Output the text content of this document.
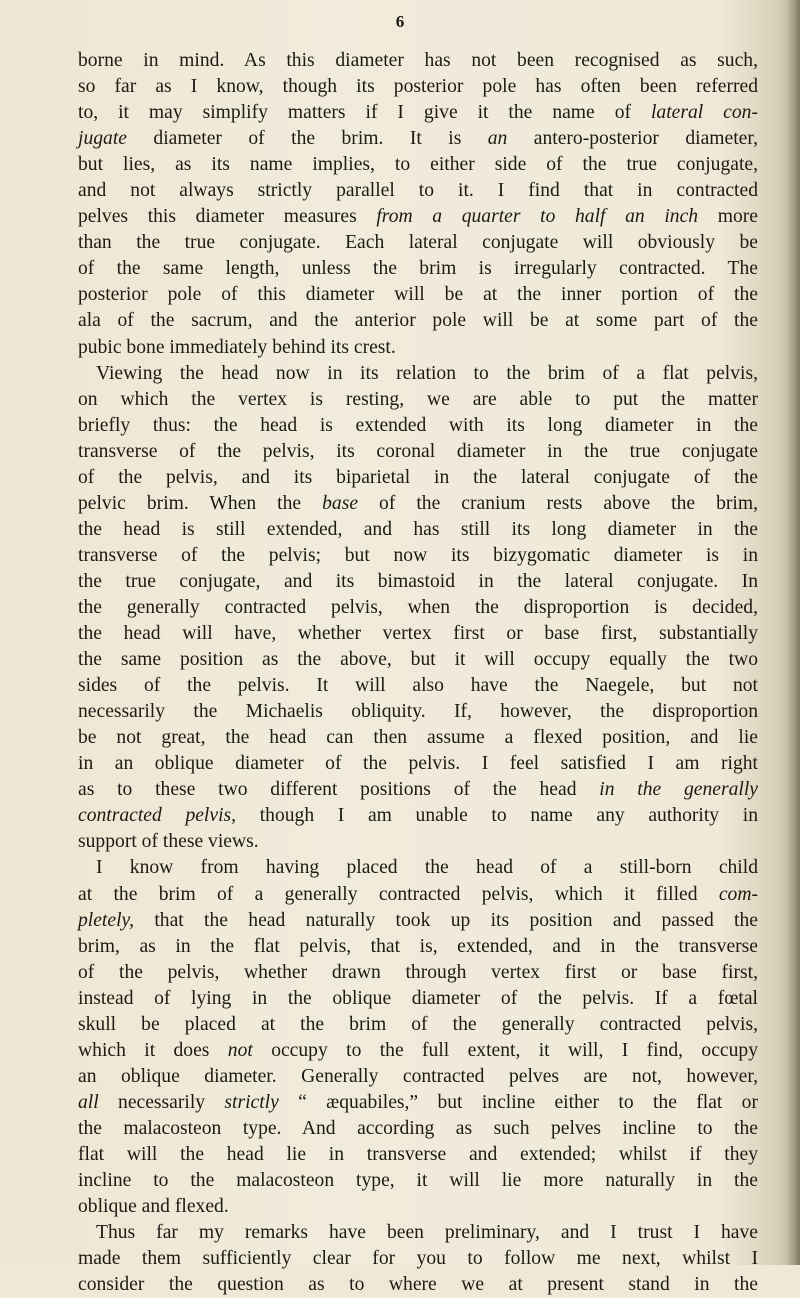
6
borne in mind. As this diameter has not been recognised as such,
so far as I know, though its posterior pole has often been referred
to, it may simplify matters if I give it the name of lateral con-
jugate diameter of the brim. It is an antero-posterior diameter,
but lies, as its name implies, to either side of the true conjugate,
and not always strictly parallel to it. I find that in contracted
pelves this diameter measures from a quarter to half an inch more
than the true conjugate. Each lateral conjugate will obviously be
of the same length, unless the brim is irregularly contracted. The
posterior pole of this diameter will be at the inner portion of the
ala of the sacrum, and the anterior pole will be at some part of the
pubic bone immediately behind its crest.
Viewing the head now in its relation to the brim of a flat pelvis,
on which the vertex is resting, we are able to put the matter
briefly thus: the head is extended with its long diameter in the
transverse of the pelvis, its coronal diameter in the true conjugate
of the pelvis, and its biparietal in the lateral conjugate of the
pelvic brim. When the base of the cranium rests above the brim,
the head is still extended, and has still its long diameter in the
transverse of the pelvis; but now its bizygomatic diameter is in
the true conjugate, and its bimastoid in the lateral conjugate. In
the generally contracted pelvis, when the disproportion is decided,
the head will have, whether vertex first or base first, substantially
the same position as the above, but it will occupy equally the two
sides of the pelvis. It will also have the Naegele, but not
necessarily the Michaelis obliquity. If, however, the disproportion
be not great, the head can then assume a flexed position, and lie
in an oblique diameter of the pelvis. I feel satisfied I am right
as to these two different positions of the head in the generally
contracted pelvis, though I am unable to name any authority in
support of these views.
I know from having placed the head of a still-born child
at the brim of a generally contracted pelvis, which it filled com-
pletely, that the head naturally took up its position and passed the
brim, as in the flat pelvis, that is, extended, and in the transverse
of the pelvis, whether drawn through vertex first or base first,
instead of lying in the oblique diameter of the pelvis. If a fœtal
skull be placed at the brim of the generally contracted pelvis,
which it does not occupy to the full extent, it will, I find, occupy
an oblique diameter. Generally contracted pelves are not, however,
all necessarily strictly “ æquabiles,” but incline either to the flat or
the malacosteon type. And according as such pelves incline to the
flat will the head lie in transverse and extended; whilst if they
incline to the malacosteon type, it will lie more naturally in the
oblique and flexed.
Thus far my remarks have been preliminary, and I trust I have
made them sufficiently clear for you to follow me next, whilst I
consider the question as to where we at present stand in the
